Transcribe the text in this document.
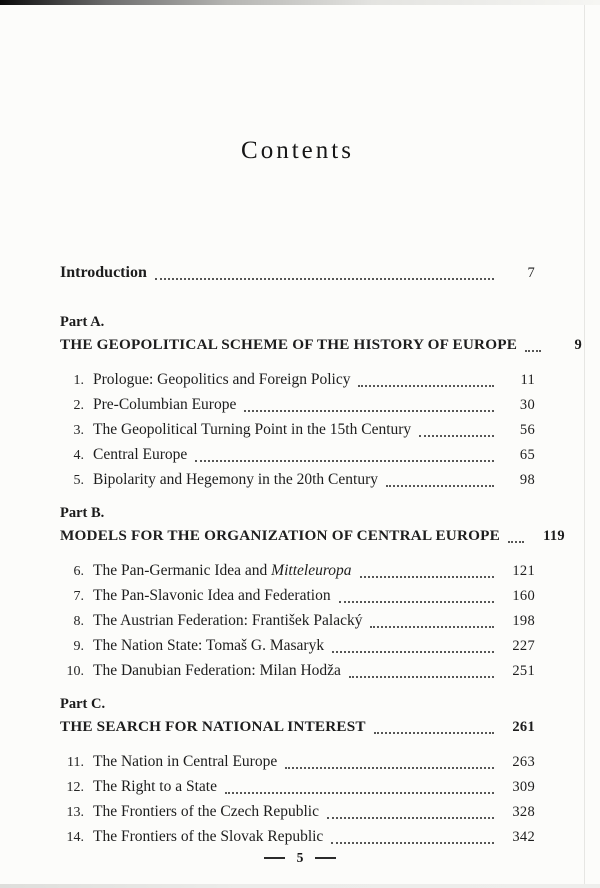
Contents
Introduction	7
Part A.
THE GEOPOLITICAL SCHEME OF THE HISTORY OF EUROPE	9
1. Prologue: Geopolitics and Foreign Policy	11
2. Pre-Columbian Europe	30
3. The Geopolitical Turning Point in the 15th Century	56
4. Central Europe	65
5. Bipolarity and Hegemony in the 20th Century	98
Part B.
MODELS FOR THE ORGANIZATION OF CENTRAL EUROPE	119
6. The Pan-Germanic Idea and Mitteleuropa	121
7. The Pan-Slavonic Idea and Federation	160
8. The Austrian Federation: František Palacký	198
9. The Nation State: Tomaš G. Masaryk	227
10. The Danubian Federation: Milan Hodža	251
Part C.
THE SEARCH FOR NATIONAL INTEREST	261
11. The Nation in Central Europe	263
12. The Right to a State	309
13. The Frontiers of the Czech Republic	328
14. The Frontiers of the Slovak Republic	342
5
